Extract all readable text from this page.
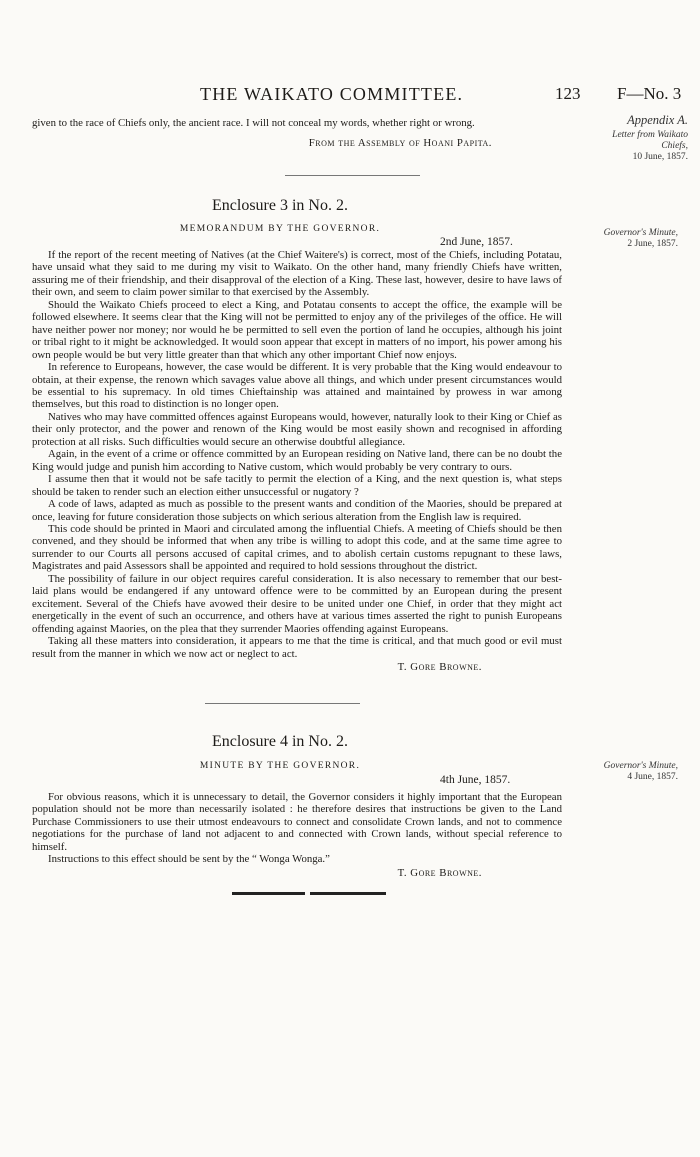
THE WAIKATO COMMITTEE.	123 F—No. 3
Appendix A.
Letter from Waikato
Chiefs,
10 June, 1857.
Governor's Minute,
2 June, 1857.
Governor's Minute,
4 June, 1857.

given to the race of Chiefs only, the ancient race. I will not conceal my words, whether right or wrong.

From the Assembly of Hoani Papita.
Enclosure 3 in No. 2.
MEMORANDUM BY THE GOVERNOR.
2nd June, 1857.

If the report of the recent meeting of Natives (at the Chief Waitere's) is correct, most of the Chiefs, including Potatau, have unsaid what they said to me during my visit to Waikato. On the other hand, many friendly Chiefs have written, assuring me of their friendship, and their disapproval of the election of a King. These last, however, desire to have laws of their own, and seem to claim power similar to that exercised by the Assembly.

Should the Waikato Chiefs proceed to elect a King, and Potatau consents to accept the office, the example will be followed elsewhere. It seems clear that the King will not be permitted to enjoy any of the privileges of the office. He will have neither power nor money; nor would he be permitted to sell even the portion of land he occupies, although his joint or tribal right to it might be acknowledged. It would soon appear that except in matters of no import, his power among his own people would be but very little greater than that which any other important Chief now enjoys.

In reference to Europeans, however, the case would be different. It is very probable that the King would endeavour to obtain, at their expense, the renown which savages value above all things, and which under present circumstances would be essential to his supremacy. In old times Chieftainship was attained and maintained by prowess in war among themselves, but this road to distinction is no longer open.

Natives who may have committed offences against Europeans would, however, naturally look to their King or Chief as their only protector, and the power and renown of the King would be most easily shown and recognised in affording protection at all risks. Such difficulties would secure an otherwise doubtful allegiance.

Again, in the event of a crime or offence committed by an European residing on Native land, there can be no doubt the King would judge and punish him according to Native custom, which would probably be very contrary to ours.

I assume then that it would not be safe tacitly to permit the election of a King, and the next question is, what steps should be taken to render such an election either unsuccessful or nugatory ?

A code of laws, adapted as much as possible to the present wants and condition of the Maories, should be prepared at once, leaving for future consideration those subjects on which serious alteration from the English law is required.

This code should be printed in Maori and circulated among the influential Chiefs. A meeting of Chiefs should be then convened, and they should be informed that when any tribe is willing to adopt this code, and at the same time agree to surrender to our Courts all persons accused of capital crimes, and to abolish certain customs repugnant to these laws, Magistrates and paid Assessors shall be appointed and required to hold sessions throughout the district.

The possibility of failure in our object requires careful consideration. It is also necessary to remember that our best-laid plans would be endangered if any untoward offence were to be committed by an European during the present excitement. Several of the Chiefs have avowed their desire to be united under one Chief, in order that they might act energetically in the event of such an occurrence, and others have at various times asserted the right to punish Europeans offending against Maories, on the plea that they surrender Maories offending against Europeans.

Taking all these matters into consideration, it appears to me that the time is critical, and that much good or evil must result from the manner in which we now act or neglect to act.

T. Gore Browne.
Enclosure 4 in No. 2.
MINUTE BY THE GOVERNOR.
4th June, 1857.

For obvious reasons, which it is unnecessary to detail, the Governor considers it highly important that the European population should not be more than necessarily isolated : he therefore desires that instructions be given to the Land Purchase Commissioners to use their utmost endeavours to connect and consolidate Crown lands, and not to commence negotiations for the purchase of land not adjacent to and connected with Crown lands, without special reference to himself.

Instructions to this effect should be sent by the “ Wonga Wonga.”

T. Gore Browne.
